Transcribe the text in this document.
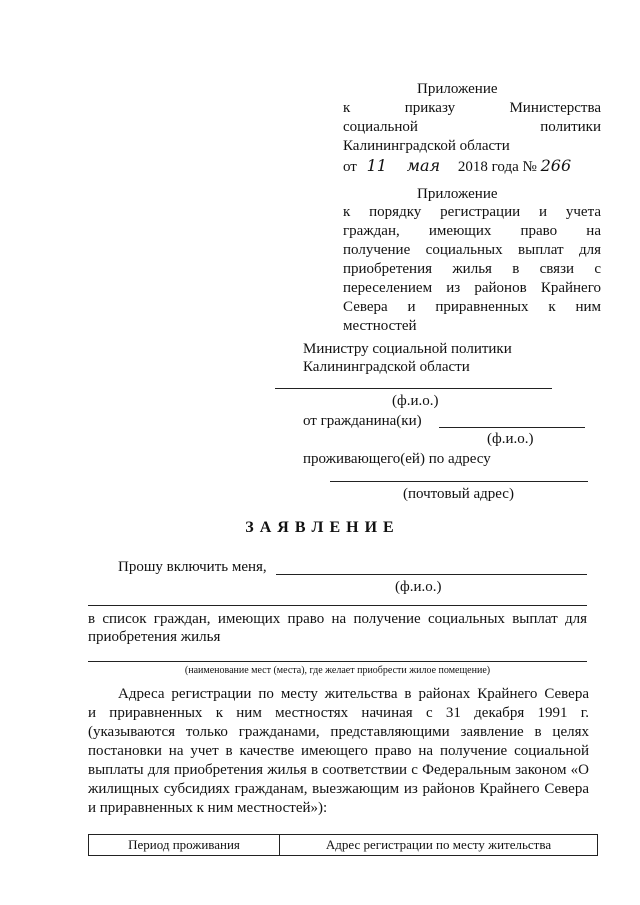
Приложение
к	приказу	Министерства
социальной	политики
Калининградской области
от 11 мая 2018 года № 266
Приложение
к порядку регистрации и учета
граждан, имеющих право на
получение социальных выплат для
приобретения жилья в связи с
переселением из районов Крайнего
Севера и приравненных к ним
местностей
Министру социальной политики
Калининградской области
(ф.и.о.)
от гражданина(ки)
(ф.и.о.)
проживающего(ей) по адресу
(почтовый адрес)
З А Я В Л Е Н И Е
Прошу включить меня,
(ф.и.о.)
в список граждан, имеющих право на получение социальных выплат для
приобретения жилья
(наименование мест (места), где желает приобрести жилое помещение)
Адреса регистрации по месту жительства в районах Крайнего Севера
и приравненных к ним местностях начиная с 31 декабря 1991 г.
(указываются только гражданами, представляющими заявление в целях
постановки на учет в качестве имеющего право на получение социальной
выплаты для приобретения жилья в соответствии с Федеральным законом «О
жилищных субсидиях гражданам, выезжающим из районов Крайнего Севера
и приравненных к ним местностей»):
Период проживания	Адрес регистрации по месту жительства
